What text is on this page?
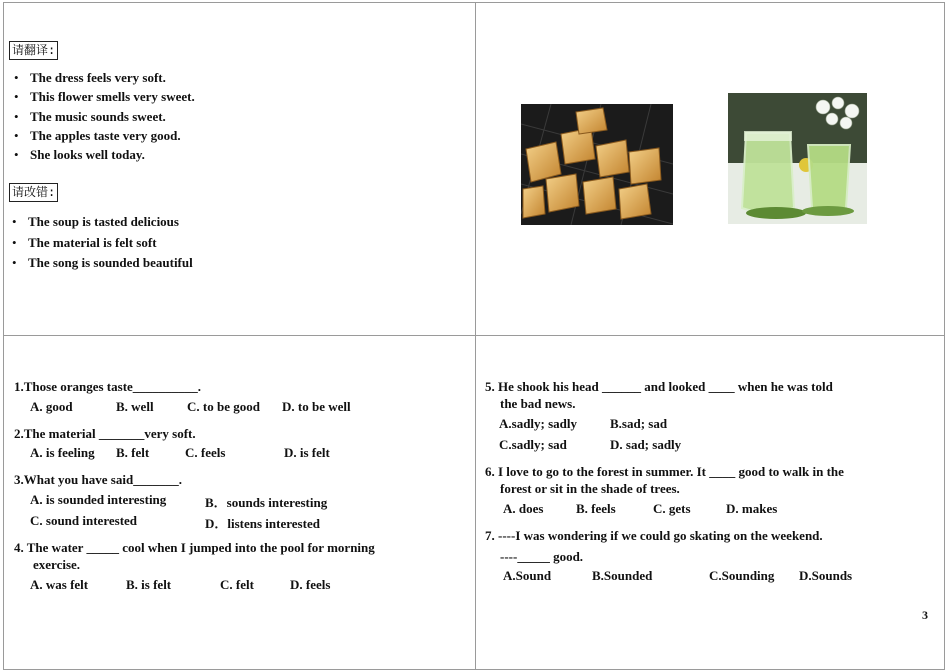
请翻译:
• The dress feels very soft.
• This flower smells very sweet.
• The music sounds sweet.
• The apples taste very good.
• She looks well today.
请改错:
• The soup is tasted delicious
• The material is felt soft
• The song is sounded beautiful
1.Those oranges taste__________.
A. good	B. well	C. to be good D. to be well
2.The material _______very soft.
A. is feeling B. felt	C. feels	D. is felt
3.What you have said_______.
A. is sounded interesting	B．sounds interesting
C. sound interested	D．listens interested
4. The water _____ cool when I jumped into the pool for morning
exercise.
A. was felt	B. is felt	C. felt	D. feels
5. He shook his head ______ and looked ____ when he was told
the bad news.
A.sadly; sadly	B.sad; sad
C.sadly; sad	D. sad; sadly
6. I love to go to the forest in summer. It ____ good to walk in the
forest or sit in the shade of trees.
A. does	B. feels	C. gets	D. makes
7. ----I was wondering if we could go skating on the weekend.
----_____ good.
A.Sound	B.Sounded	C.Sounding D.Sounds
3
